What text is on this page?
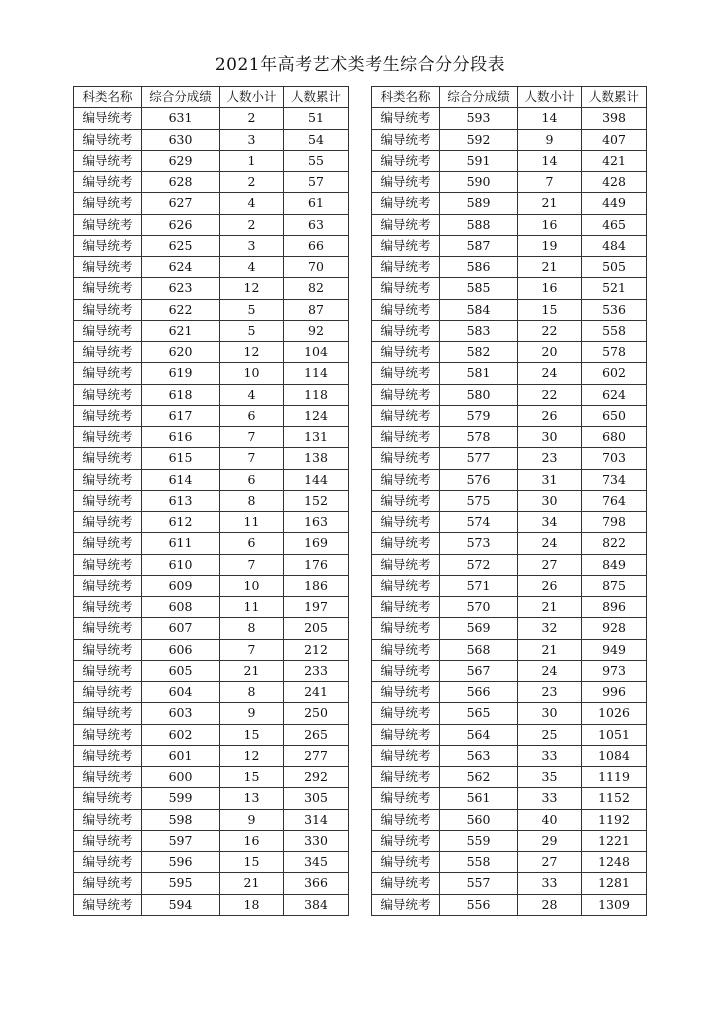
2021年高考艺术类考生综合分分段表
科类名称	综合分成绩	人数小计	人数累计
编导统考	631	2	51
编导统考	630	3	54
编导统考	629	1	55
编导统考	628	2	57
编导统考	627	4	61
编导统考	626	2	63
编导统考	625	3	66
编导统考	624	4	70
编导统考	623	12	82
编导统考	622	5	87
编导统考	621	5	92
编导统考	620	12	104
编导统考	619	10	114
编导统考	618	4	118
编导统考	617	6	124
编导统考	616	7	131
编导统考	615	7	138
编导统考	614	6	144
编导统考	613	8	152
编导统考	612	11	163
编导统考	611	6	169
编导统考	610	7	176
编导统考	609	10	186
编导统考	608	11	197
编导统考	607	8	205
编导统考	606	7	212
编导统考	605	21	233
编导统考	604	8	241
编导统考	603	9	250
编导统考	602	15	265
编导统考	601	12	277
编导统考	600	15	292
编导统考	599	13	305
编导统考	598	9	314
编导统考	597	16	330
编导统考	596	15	345
编导统考	595	21	366
编导统考	594	18	384
科类名称	综合分成绩	人数小计	人数累计
编导统考	593	14	398
编导统考	592	9	407
编导统考	591	14	421
编导统考	590	7	428
编导统考	589	21	449
编导统考	588	16	465
编导统考	587	19	484
编导统考	586	21	505
编导统考	585	16	521
编导统考	584	15	536
编导统考	583	22	558
编导统考	582	20	578
编导统考	581	24	602
编导统考	580	22	624
编导统考	579	26	650
编导统考	578	30	680
编导统考	577	23	703
编导统考	576	31	734
编导统考	575	30	764
编导统考	574	34	798
编导统考	573	24	822
编导统考	572	27	849
编导统考	571	26	875
编导统考	570	21	896
编导统考	569	32	928
编导统考	568	21	949
编导统考	567	24	973
编导统考	566	23	996
编导统考	565	30	1026
编导统考	564	25	1051
编导统考	563	33	1084
编导统考	562	35	1119
编导统考	561	33	1152
编导统考	560	40	1192
编导统考	559	29	1221
编导统考	558	27	1248
编导统考	557	33	1281
编导统考	556	28	1309
